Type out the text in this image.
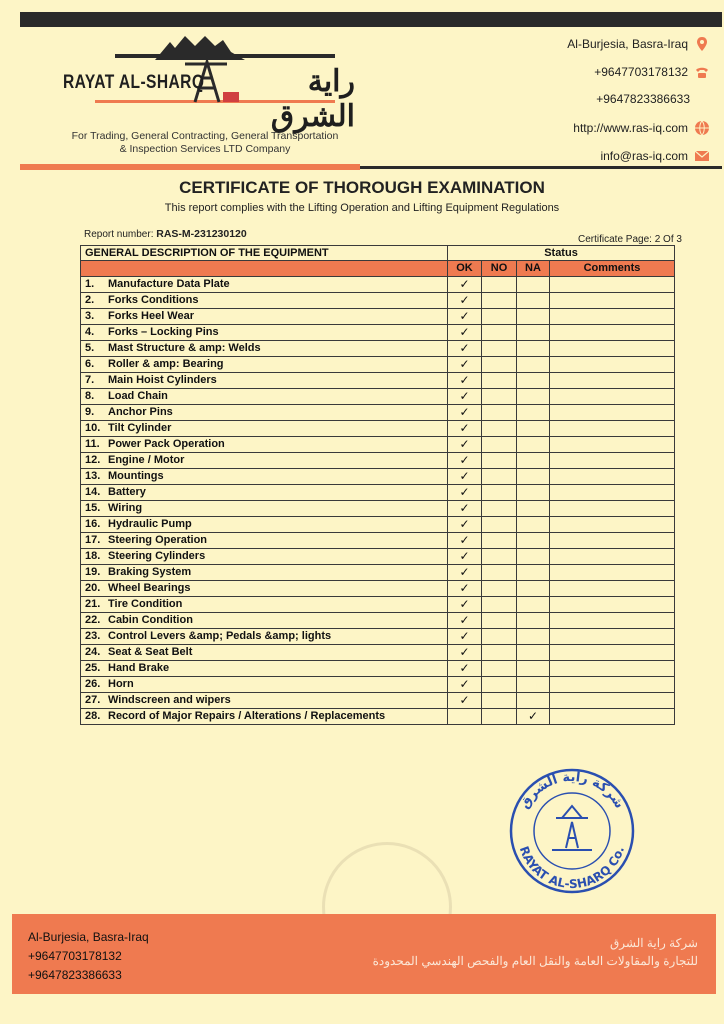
RAYAT AL-SHARQ	راية الشرق
For Trading, General Contracting, General Transportation
& Inspection Services LTD Company
Al-Burjesia, Basra-Iraq
+9647703178132
+9647823386633
http://www.ras-iq.com
info@ras-iq.com
CERTIFICATE OF THOROUGH EXAMINATION
This report complies with the Lifting Operation and Lifting Equipment Regulations
Report number: RAS-M-231230120	Certificate Page: 2 Of 3
GENERAL DESCRIPTION OF THE EQUIPMENT	Status			
	OK	NO	NA	Comments
1. Manufacture Data Plate	✓			
2. Forks Conditions	✓			
3. Forks Heel Wear	✓			
4. Forks – Locking Pins	✓			
5. Mast Structure & amp: Welds	✓			
6. Roller & amp: Bearing	✓			
7. Main Hoist Cylinders	✓			
8. Load Chain	✓			
9. Anchor Pins	✓			
10. Tilt Cylinder	✓			
11. Power Pack Operation	✓			
12. Engine / Motor	✓			
13. Mountings	✓			
14. Battery	✓			
15. Wiring	✓			
16. Hydraulic Pump	✓			
17. Steering Operation	✓			
18. Steering Cylinders	✓			
19. Braking System	✓			
20. Wheel Bearings	✓			
21. Tire Condition	✓			
22. Cabin Condition	✓			
23. Control Levers &amp; Pedals &amp; lights	✓			
24. Seat & Seat Belt	✓			
25. Hand Brake	✓			
26. Horn	✓			
27. Windscreen and wipers	✓			
28. Record of Major Repairs / Alterations / Replacements			✓	
شركة راية الشرق
RAYAT AL-SHARQ Co.
Al-Burjesia, Basra-Iraq
+9647703178132
+9647823386633
شركة راية الشرق
للتجارة والمقاولات العامة والنقل العام والفحص الهندسي المحدودة
